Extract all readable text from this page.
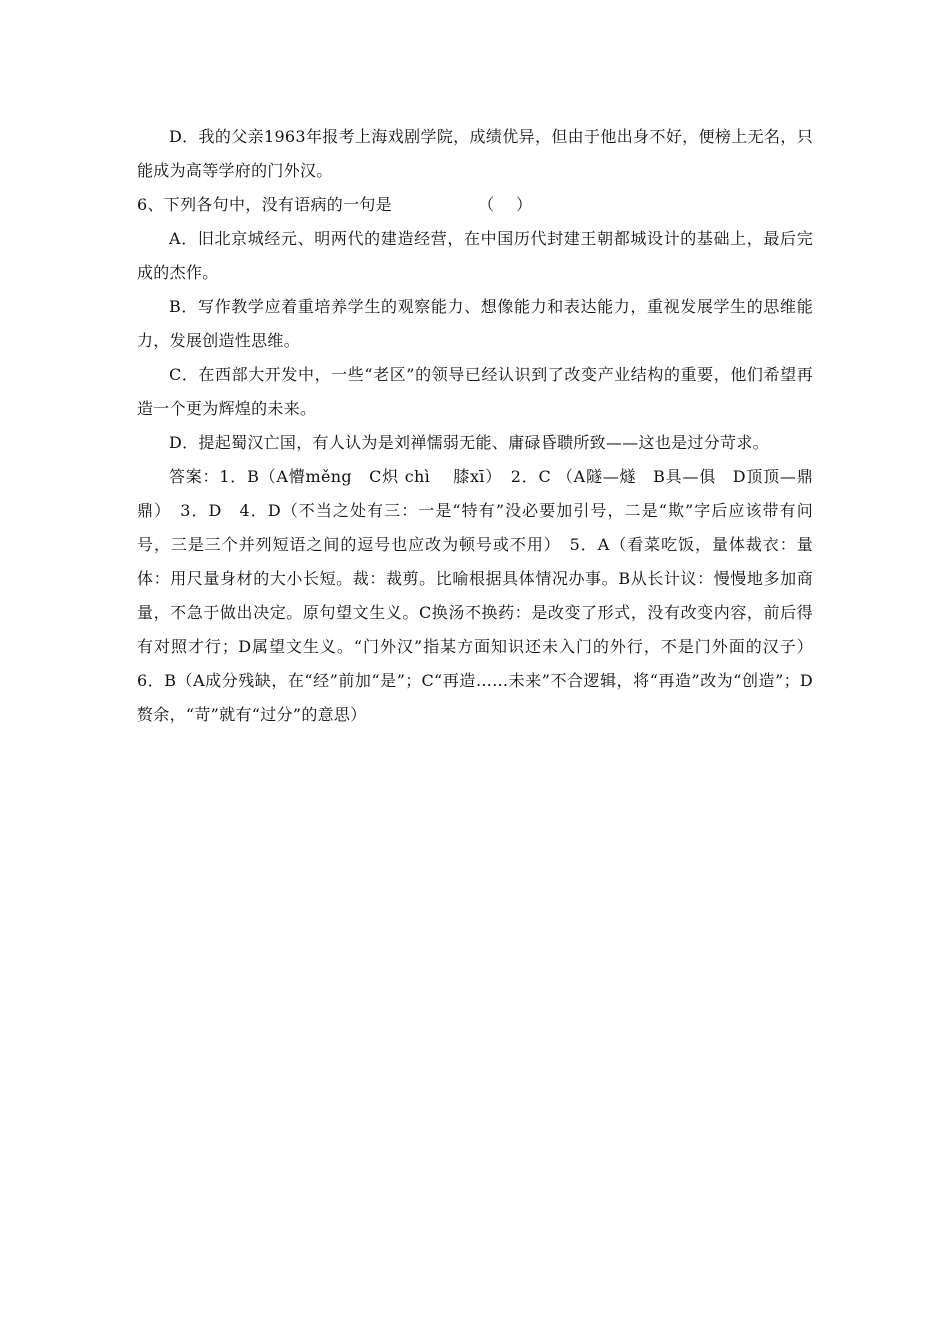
D．我的父亲1963年报考上海戏剧学院，成绩优异，但由于他出身不好，便榜上无名，只能成为高等学府的门外汉。

6、下列各句中，没有语病的一句是                （    ）

A．旧北京城经元、明两代的建造经营，在中国历代封建王朝都城设计的基础上，最后完成的杰作。

B．写作教学应着重培养学生的观察能力、想像能力和表达能力，重视发展学生的思维能力，发展创造性思维。

C．在西部大开发中，一些“老区”的领导已经认识到了改变产业结构的重要，他们希望再造一个更为辉煌的未来。

D．提起蜀汉亡国，有人认为是刘禅懦弱无能、庸碌昏聩所致——这也是过分苛求。

答案：1．B（A懵měng　C炽 chì　 膝xī）　2．C （A隧—燧　B具—俱　D顶顶—鼎鼎）　3．D　4．D（不当之处有三：一是“特有”没必要加引号，二是“欺”字后应该带有问号，三是三个并列短语之间的逗号也应改为顿号或不用）　5．A（看菜吃饭，量体裁衣：量体：用尺量身材的大小长短。裁：裁剪。比喻根据具体情况办事。B从长计议：慢慢地多加商量，不急于做出决定。原句望文生义。C换汤不换药：是改变了形式，没有改变内容，前后得有对照才行；D属望文生义。“门外汉”指某方面知识还未入门的外行，不是门外面的汉子）6．B（A成分残缺，在“经”前加“是”；C“再造……未来”不合逻辑，将“再造”改为“创造”；D赘余，“苛”就有“过分”的意思）
